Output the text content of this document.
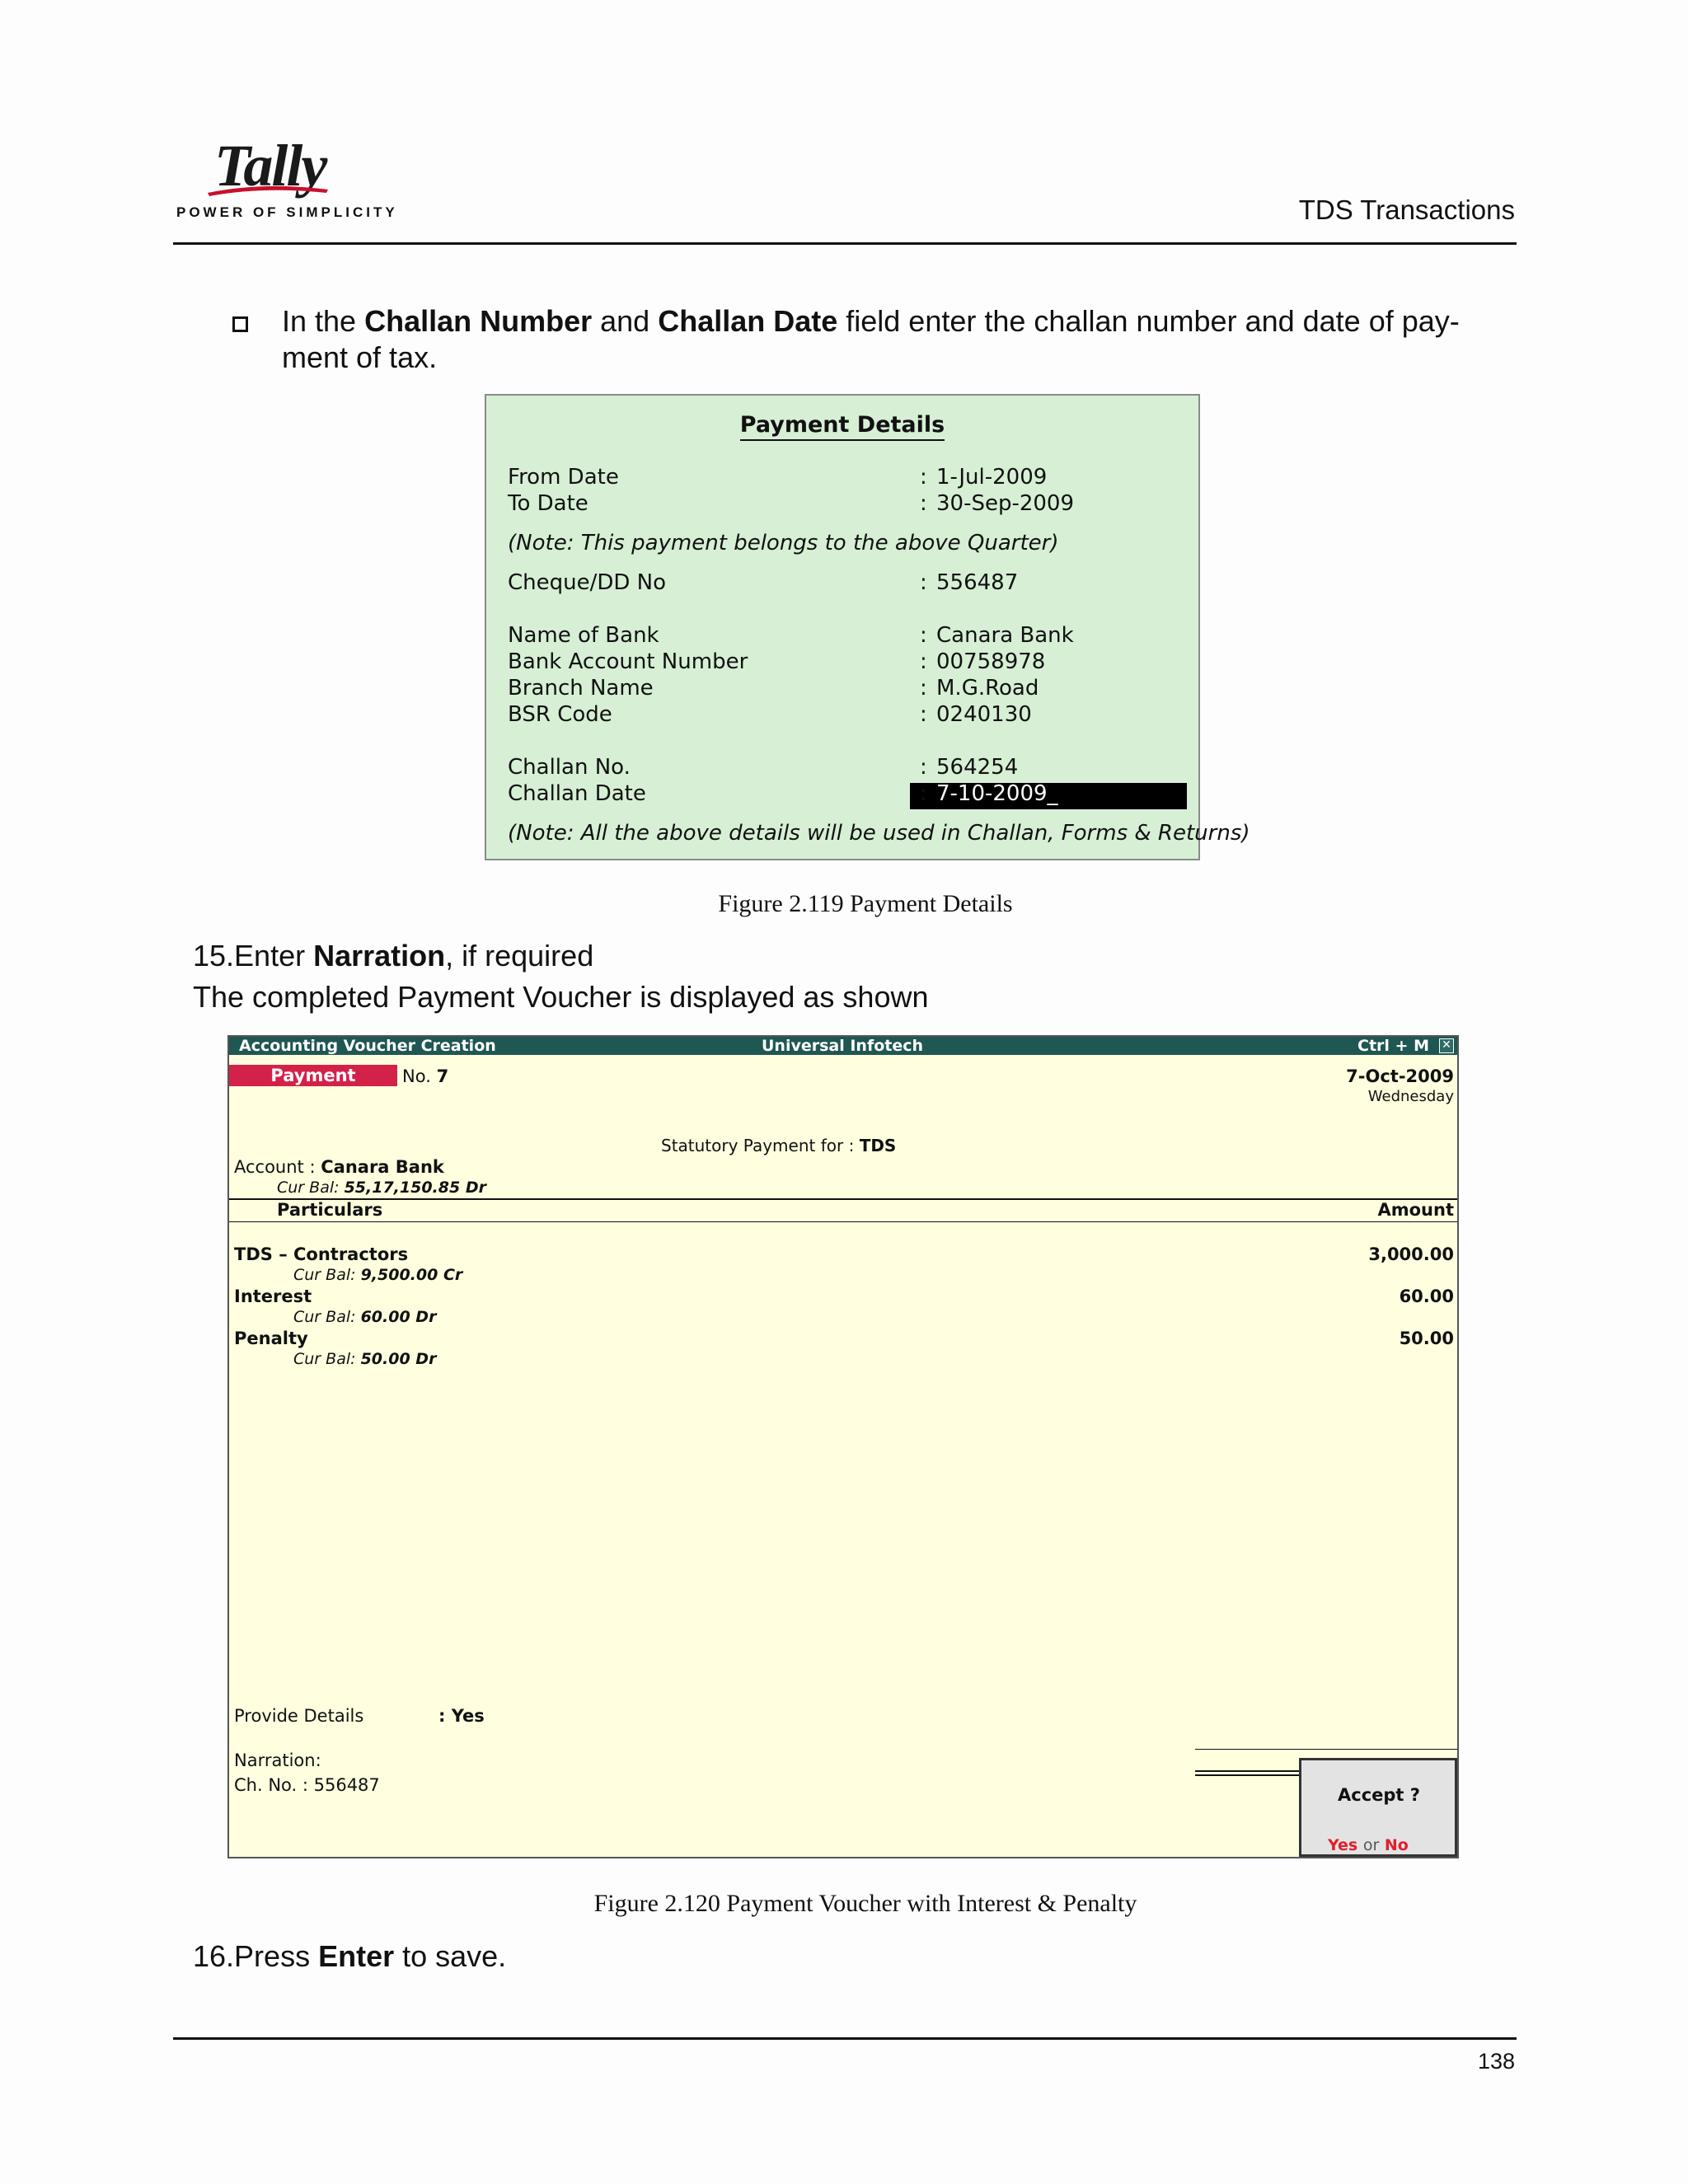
Tally
POWER OF SIMPLICITY	TDS Transactions
In the Challan Number and Challan Date field enter the challan number and date of pay-
ment of tax.
Payment Details
From Date	: 1-Jul-2009
To Date	: 30-Sep-2009
(Note: This payment belongs to the above Quarter)
Cheque/DD No	: 556487
Name of Bank	: Canara Bank
Bank Account Number	: 00758978
Branch Name	: M.G.Road
BSR Code	: 0240130
Challan No.	: 564254
Challan Date	: 7-10-2009_
(Note: All the above details will be used in Challan, Forms & Returns)
Figure 2.119 Payment Details
15.Enter Narration, if required
The completed Payment Voucher is displayed as shown
Accounting Voucher Creation	Universal Infotech	Ctrl + M ✕
Payment	No. 7	7-Oct-2009
Wednesday
Statutory Payment for : TDS
Account : Canara Bank
Cur Bal: 55,17,150.85 Dr
Particulars	Amount
TDS – Contractors	3,000.00
Cur Bal: 9,500.00 Cr
Interest	60.00
Cur Bal: 60.00 Dr
Penalty	50.00
Cur Bal: 50.00 Dr
Provide Details	: Yes
Narration:
Ch. No. : 556487	Accept ?
Yes or No
Figure 2.120 Payment Voucher with Interest & Penalty
16.Press Enter to save.
138
